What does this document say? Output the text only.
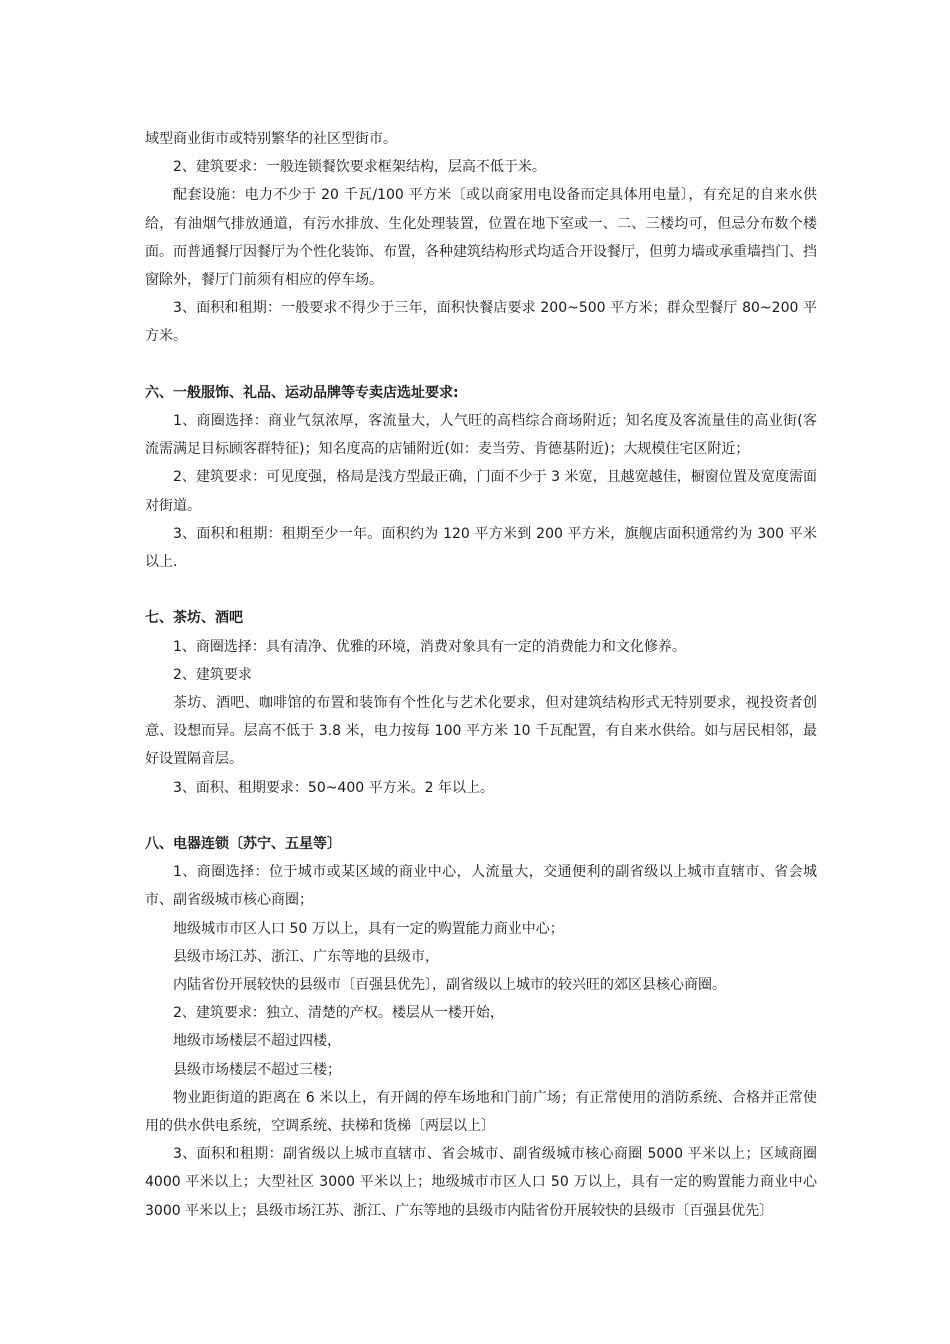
域型商业街市或特别繁华的社区型街市。

2、建筑要求：一般连锁餐饮要求框架结构，层高不低于米。

配套设施：电力不少于 20 千瓦/100 平方米〔或以商家用电设备而定具体用电量〕，有充足的自来水供给，有油烟气排放通道，有污水排放、生化处理装置，位置在地下室或一、二、三楼均可，但忌分布数个楼面。而普通餐厅因餐厅为个性化装饰、布置，各种建筑结构形式均适合开设餐厅，但剪力墙或承重墙挡门、挡窗除外，餐厅门前须有相应的停车场。

3、面积和租期：一般要求不得少于三年，面积快餐店要求 200~500 平方米；群众型餐厅 80~200 平方米。

六、一般服饰、礼品、运动品牌等专卖店选址要求:

1、商圈选择：商业气氛浓厚，客流量大，人气旺的高档综合商场附近；知名度及客流量佳的高业街(客流需满足目标顾客群特征)；知名度高的店铺附近(如：麦当劳、肯德基附近)；大规模住宅区附近；

2、建筑要求：可见度强，格局是浅方型最正确，门面不少于 3 米宽，且越宽越佳，橱窗位置及宽度需面对街道。

3、面积和租期：租期至少一年。面积约为 120 平方米到 200 平方米，旗舰店面积通常约为 300 平米以上.

七、茶坊、酒吧

1、商圈选择：具有清净、优雅的环境，消费对象具有一定的消费能力和文化修养。

2、建筑要求

茶坊、酒吧、咖啡馆的布置和装饰有个性化与艺术化要求，但对建筑结构形式无特别要求，视投资者创意、设想而异。层高不低于 3.8 米，电力按每 100 平方米 10 千瓦配置，有自来水供给。如与居民相邻，最好设置隔音层。

3、面积、租期要求：50~400 平方米。2 年以上。

八、电器连锁〔苏宁、五星等〕

1、商圈选择：位于城市或某区域的商业中心，人流量大，交通便利的副省级以上城市直辖市、省会城市、副省级城市核心商圈；

地级城市市区人口 50 万以上，具有一定的购置能力商业中心；

县级市场江苏、浙江、广东等地的县级市，

内陆省份开展较快的县级市〔百强县优先〕，副省级以上城市的较兴旺的郊区县核心商圈。

2、建筑要求：独立、清楚的产权。楼层从一楼开始，

地级市场楼层不超过四楼，

县级市场楼层不超过三楼；

物业距街道的距离在 6 米以上，有开阔的停车场地和门前广场；有正常使用的消防系统、合格并正常使用的供水供电系统，空调系统、扶梯和货梯〔两层以上〕

3、面积和租期：副省级以上城市直辖市、省会城市、副省级城市核心商圈 5000 平米以上；区域商圈 4000 平米以上；大型社区 3000 平米以上；地级城市市区人口 50 万以上，具有一定的购置能力商业中心 3000 平米以上；县级市场江苏、浙江、广东等地的县级市内陆省份开展较快的县级市〔百强县优先〕
